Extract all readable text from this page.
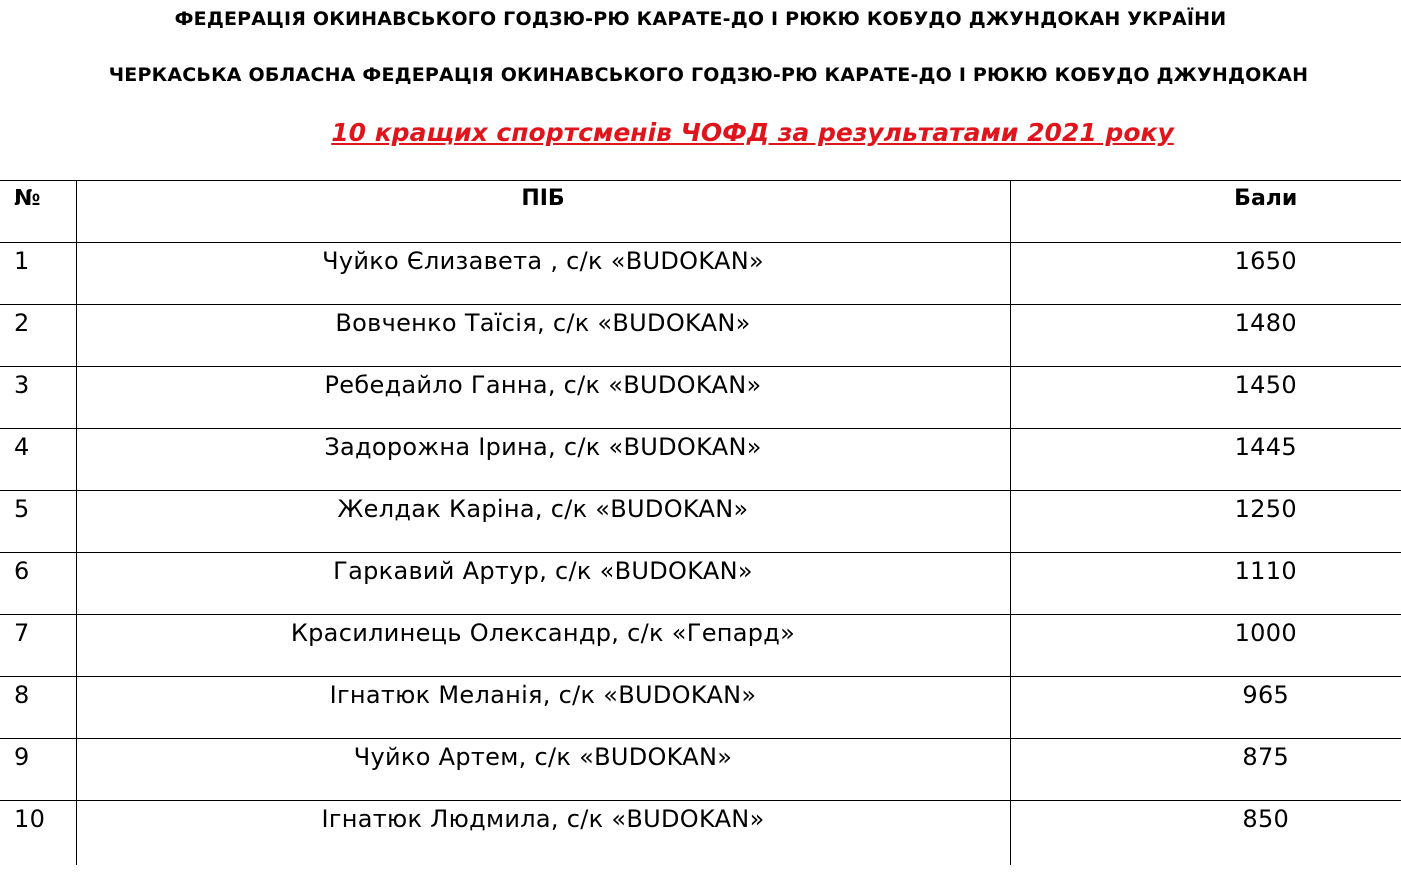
ФЕДЕРАЦІЯ ОКИНАВСЬКОГО ГОДЗЮ-РЮ КАРАТЕ-ДО І РЮКЮ КОБУДО ДЖУНДОКАН УКРАЇНИ
ЧЕРКАСЬКА ОБЛАСНА ФЕДЕРАЦІЯ ОКИНАВСЬКОГО ГОДЗЮ-РЮ КАРАТЕ-ДО І РЮКЮ КОБУДО ДЖУНДОКАН
10 кращих спортсменів ЧОФД за результатами 2021 року
№	ПІБ	Бали
1	Чуйко Єлизавета , с/к «BUDOKAN»	1650
2	Вовченко Таїсія, с/к «BUDOKAN»	1480
3	Ребедайло Ганна, с/к «BUDOKAN»	1450
4	Задорожна Ірина, с/к «BUDOKAN»	1445
5	Желдак Каріна, с/к «BUDOKAN»	1250
6	Гаркавий Артур, с/к «BUDOKAN»	1110
7	Красилинець Олександр, с/к «Гепард»	1000
8	Ігнатюк Меланія, с/к «BUDOKAN»	965
9	Чуйко Артем, с/к «BUDOKAN»	875
10	Ігнатюк Людмила, с/к «BUDOKAN»	850
